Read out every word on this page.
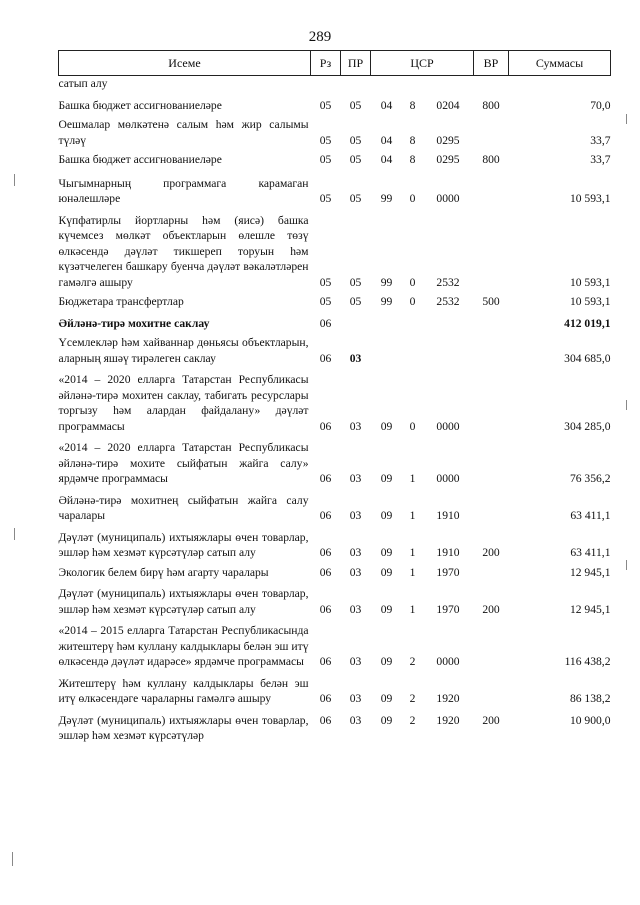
289
Исеме	Рз	ПР	ЦСР			ВР	Суммасы
сатып алу							
Башка бюджет ассигнованиеләре	05	05	04	8	0204	800	70,0
Оешмалар мөлкәтенә салым һәм жир салымы түләү	05	05	04	8	0295		33,7
Башка бюджет ассигнованиеләре	05	05	04	8	0295	800	33,7
Чыгымнарның программага карамаган юнәлешләре	05	05	99	0	0000		10 593,1
Күпфатирлы йортларны һәм (яисә) башка күчемсез мөлкәт объектларын өлешле төзү өлкәсендә дәүләт тикшереп торуын һәм күзәтчелеген башкару буенча дәүләт вәкаләтләрен гамәлгә ашыру	05	05	99	0	2532		10 593,1
Бюджетара трансфертлар	05	05	99	0	2532	500	10 593,1
Әйләнә-тирә мохитне саклау	06						412 019,1
Үсемлекләр һәм хайваннар дөньясы объектларын, аларның яшәү тирәлеген саклау	06	03					304 685,0
«2014 – 2020 елларга Татарстан Республикасы әйләнә-тирә мохитен саклау, табигать ресурслары торгызу һәм алардан файдалану» дәүләт программасы	06	03	09	0	0000		304 285,0
«2014 – 2020 елларга Татарстан Республикасы әйләнә-тирә мохите сыйфатын жайга салу» ярдәмче программасы	06	03	09	1	0000		76 356,2
Әйләнә-тирә мохитнең сыйфатын жайга салу чаралары	06	03	09	1	1910		63 411,1
Дәүләт (муниципаль) ихтыяжлары өчен товарлар, эшләр һәм хезмәт күрсәтүләр сатып алу	06	03	09	1	1910	200	63 411,1
Экологик белем бирү һәм агарту чаралары	06	03	09	1	1970		12 945,1
Дәүләт (муниципаль) ихтыяжлары өчен товарлар, эшләр һәм хезмәт күрсәтүләр сатып алу	06	03	09	1	1970	200	12 945,1
«2014 – 2015 елларга Татарстан Республикасында житештерү һәм куллану калдыклары белән эш итү өлкәсендә дәүләт идарәсе» ярдәмче программасы	06	03	09	2	0000		116 438,2
Житештерү һәм куллану калдыклары белән эш итү өлкәсендәге чараларны гамәлгә ашыру	06	03	09	2	1920		86 138,2
Дәүләт (муниципаль) ихтыяжлары өчен товарлар, эшләр һәм хезмәт күрсәтүләр	06	03	09	2	1920	200	10 900,0
